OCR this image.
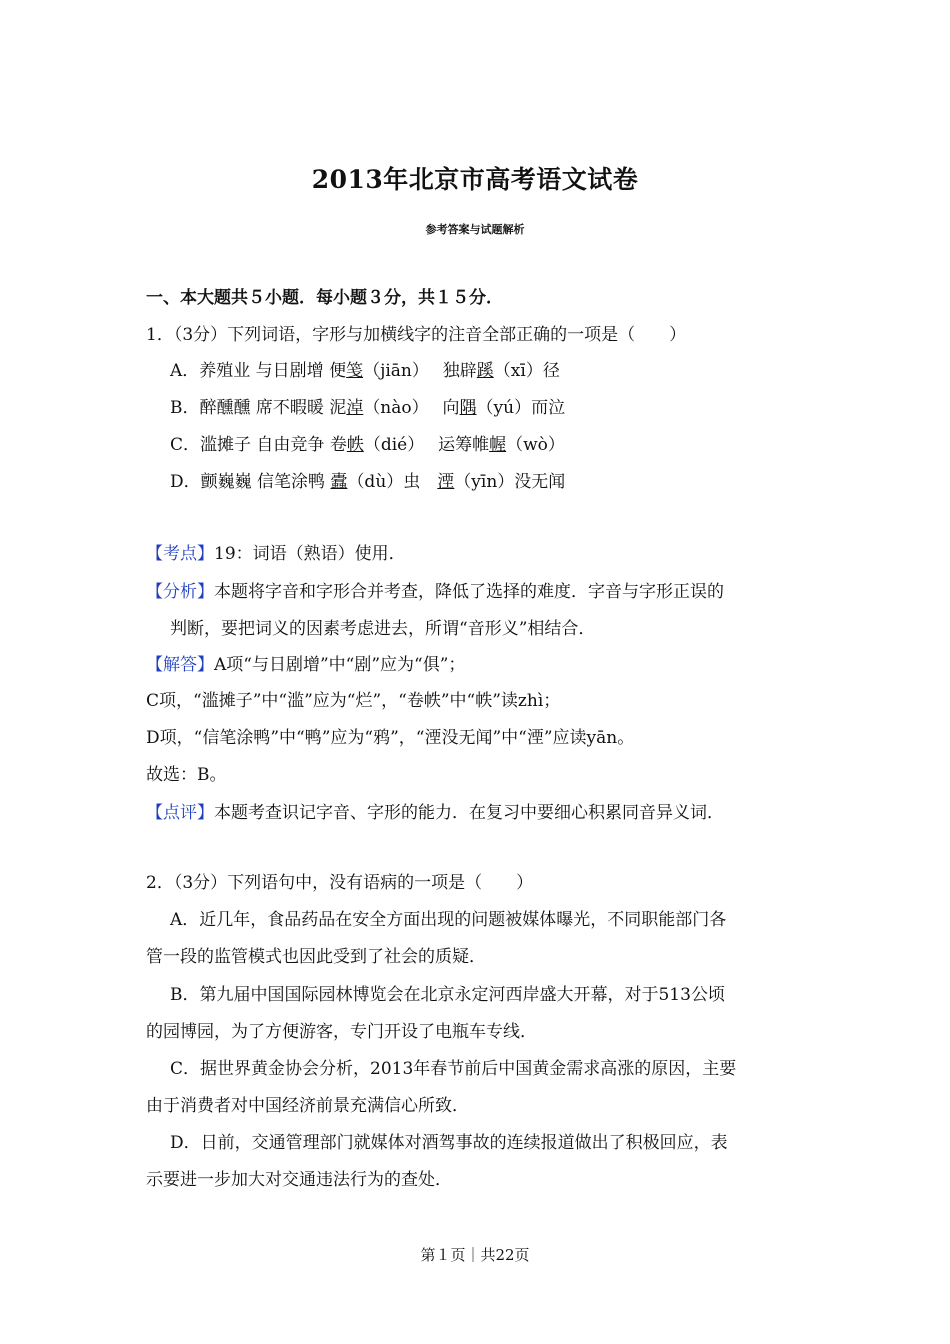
2013年北京市高考语文试卷
参考答案与试题解析
一、本大题共５小题．每小题３分，共１５分．
1．（3分）下列词语，字形与加横线字的注音全部正确的一项是（　　）
A．养殖业 与日剧增 便笺（jiān）　 独辟蹊（xī）径
B．醉醺醺 席不暇暖 泥淖（nào）　 向隅（yú）而泣
C．滥摊子 自由竞争 卷帙（dié）　 运筹帷幄（wò）
D．颤巍巍 信笔涂鸭 蠹（dù）虫　湮（yīn）没无闻
【考点】19：词语（熟语）使用．
【分析】本题将字音和字形合并考查，降低了选择的难度．字音与字形正误的
判断，要把词义的因素考虑进去，所谓“音形义”相结合．
【解答】A项“与日剧增”中“剧”应为“俱”；
C项，“滥摊子”中“滥”应为“烂”，“卷帙”中“帙”读zhì；
D项，“信笔涂鸭”中“鸭”应为“鸦”，“湮没无闻”中“湮”应读yān。
故选：B。
【点评】本题考查识记字音、字形的能力．在复习中要细心积累同音异义词．
2．（3分）下列语句中，没有语病的一项是（　　）
A．近几年，食品药品在安全方面出现的问题被媒体曝光，不同职能部门各
管一段的监管模式也因此受到了社会的质疑．
B．第九届中国国际园林博览会在北京永定河西岸盛大开幕，对于513公顷
的园博园，为了方便游客，专门开设了电瓶车专线．
C．据世界黄金协会分析，2013年春节前后中国黄金需求高涨的原因，主要
由于消费者对中国经济前景充满信心所致．
D．日前，交通管理部门就媒体对酒驾事故的连续报道做出了积极回应，表
示要进一步加大对交通违法行为的查处．
第１页｜共22页
